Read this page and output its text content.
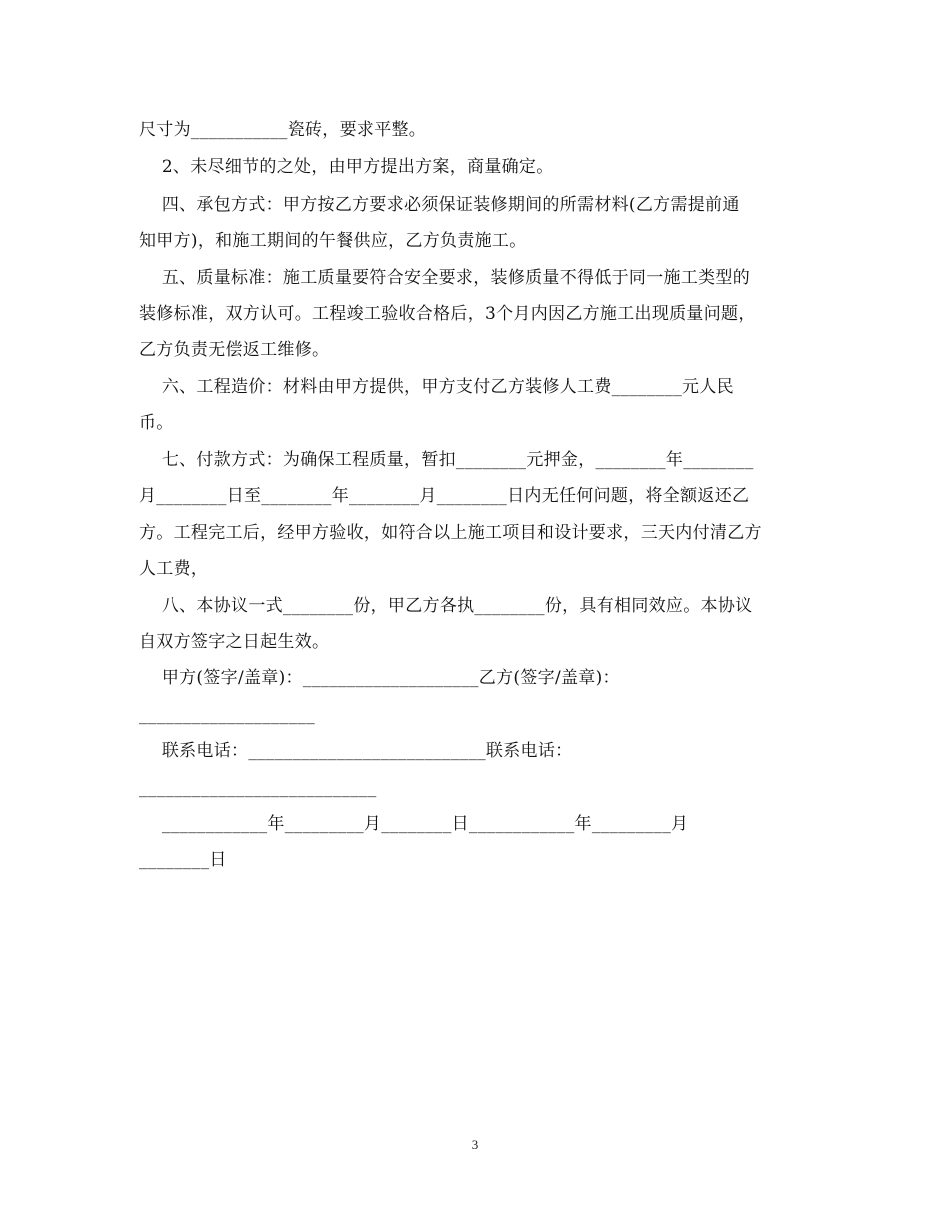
尺寸为___________瓷砖，要求平整。
2、未尽细节的之处，由甲方提出方案，商量确定。
四、承包方式：甲方按乙方要求必须保证装修期间的所需材料(乙方需提前通
知甲方)，和施工期间的午餐供应，乙方负责施工。
五、质量标准：施工质量要符合安全要求，装修质量不得低于同一施工类型的
装修标准，双方认可。工程竣工验收合格后，3个月内因乙方施工出现质量问题，
乙方负责无偿返工维修。
六、工程造价：材料由甲方提供，甲方支付乙方装修人工费________元人民
币。
七、付款方式：为确保工程质量，暂扣________元押金，________年________
月________日至________年________月________日内无任何问题，将全额返还乙
方。工程完工后，经甲方验收，如符合以上施工项目和设计要求，三天内付清乙方
人工费，
八、本协议一式________份，甲乙方各执________份，具有相同效应。本协议
自双方签字之日起生效。
甲方(签字/盖章)：____________________乙方(签字/盖章)：
____________________
联系电话：___________________________联系电话：
___________________________
____________年_________月________日____________年_________月
________日
3
